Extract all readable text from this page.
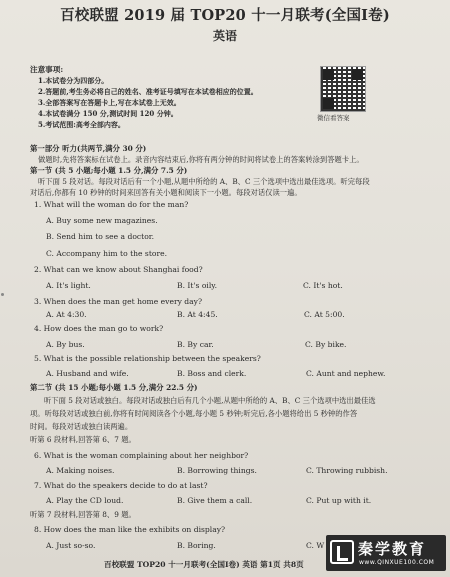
百校联盟 2019 届 TOP20 十一月联考(全国Ⅰ卷)
英语
注意事项:
1.本试卷分为四部分。
2.答题前,考生务必将自己的姓名、准考证号填写在本试卷相应的位置。
3.全部答案写在答题卡上,写在本试卷上无效。
4.本试卷满分 150 分,测试时间 120 分钟。
5.考试范围:高考全部内容。
微信看答案
第一部分 听力(共两节,满分 30 分)
做题时,先将答案标在试卷上。录音内容结束后,你将有两分钟的时间将试卷上的答案转涂到答题卡上。
第一节 (共 5 小题;每小题 1.5 分,满分 7.5 分)
听下面 5 段对话。每段对话后有一个小题,从题中所给的 A、B、C 三个选项中选出最佳选项。听完每段
对话后,你都有 10 秒钟的时间来回答有关小题和阅读下一小题。每段对话仅读一遍。
1. What will the woman do for the man?
A. Buy some new magazines.
B. Send him to see a doctor.
C. Accompany him to the store.
2. What can we know about Shanghai food?
A. It's light.	B. It's oily.	C. It's hot.
3. When does the man get home every day?
A. At 4:30.	B. At 4:45.	C. At 5:00.
4. How does the man go to work?
A. By bus.	B. By car.	C. By bike.
5. What is the possible relationship between the speakers?
A. Husband and wife.	B. Boss and clerk.	C. Aunt and nephew.
第二节 (共 15 小题;每小题 1.5 分,满分 22.5 分)
听下面 5 段对话或独白。每段对话或独白后有几个小题,从题中所给的 A、B、C 三个选项中选出最佳选
项。听每段对话或独白前,你将有时间阅读各个小题,每小题 5 秒钟;听完后,各小题将给出 5 秒钟的作答
时间。每段对话或独白读两遍。
听第 6 段材料,回答第 6、7 题。
6. What is the woman complaining about her neighbor?
A. Making noises.	B. Borrowing things.	C. Throwing rubbish.
7. What do the speakers decide to do at last?
A. Play the CD loud.	B. Give them a call.	C. Put up with it.
听第 7 段材料,回答第 8、9 题。
8. How does the man like the exhibits on display?
A. Just so-so.	B. Boring.	C. W
百校联盟 TOP20 十一月联考(全国Ⅰ卷) 英语 第1页 共8页
秦学教育
www.QINXUE100.COM
